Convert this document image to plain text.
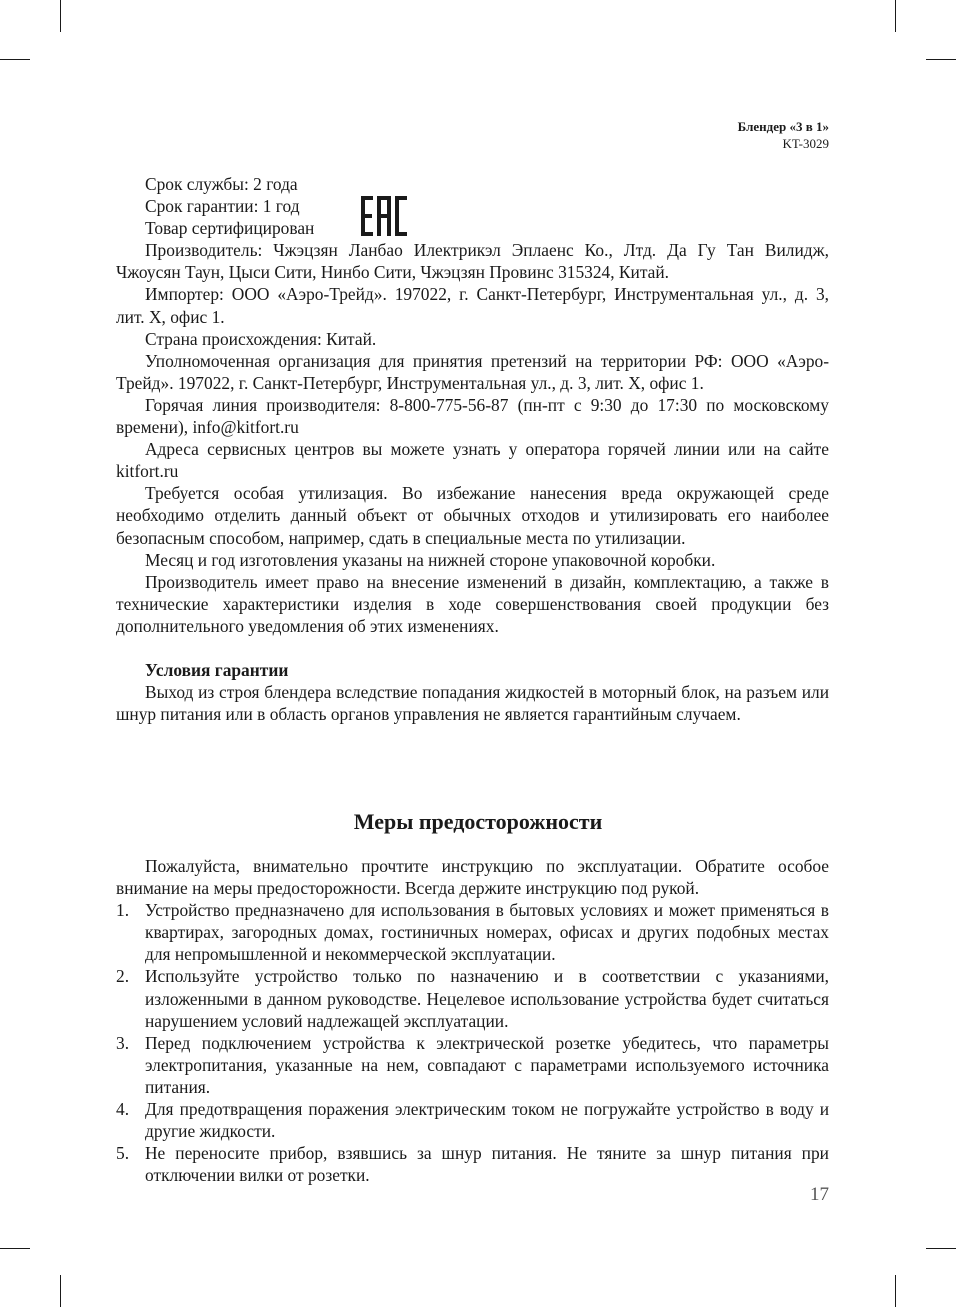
Блендер «3 в 1»
KT-3029

Срок службы: 2 года

Срок гарантии: 1 год

Товар сертифицирован

Производитель: Чжэцзян Ланбао Илектрикэл Эплаенс Ко., Лтд. Да Гу Тан Вилидж, Чжоусян Таун, Цыси Сити, Нинбо Сити, Чжэцзян Провинс 315324, Китай.

Импортер: ООО «Аэро-Трейд». 197022, г. Санкт-Петербург, Инструментальная ул., д. 3, лит. Х, офис 1.

Страна происхождения: Китай.

Уполномоченная организация для принятия претензий на территории РФ: ООО «Аэро-Трейд». 197022, г. Санкт-Петербург, Инструментальная ул., д. 3, лит. Х, офис 1.

Горячая линия производителя: 8-800-775-56-87 (пн-пт с 9:30 до 17:30 по московскому времени), info@kitfort.ru

Адреса сервисных центров вы можете узнать у оператора горячей линии или на сайте kitfort.ru

Требуется особая утилизация. Во избежание нанесения вреда окружающей среде необходимо отделить данный объект от обычных отходов и утилизировать его наиболее безопасным способом, например, сдать в специальные места по утилизации.

Месяц и год изготовления указаны на нижней стороне упаковочной коробки.

Производитель имеет право на внесение изменений в дизайн, комплектацию, а также в технические характеристики изделия в ходе совершенствования своей продукции без дополнительного уведомления об этих изменениях.

Условия гарантии

Выход из строя блендера вследствие попадания жидкостей в моторный блок, на разъем или шнур питания или в область органов управления не является гарантийным случаем.

Меры предосторожности

Пожалуйста, внимательно прочтите инструкцию по эксплуатации. Обратите особое внимание на меры предосторожности. Всегда держите инструкцию под рукой.

1. Устройство предназначено для использования в бытовых условиях и может применяться в квартирах, загородных домах, гостиничных номерах, офисах и других подобных местах для непромышленной и некоммерческой эксплуатации.
2. Используйте устройство только по назначению и в соответствии с указаниями, изложенными в данном руководстве. Нецелевое использование устройства будет считаться нарушением условий надлежащей эксплуатации.
3. Перед подключением устройства к электрической розетке убедитесь, что параметры электропитания, указанные на нем, совпадают с параметрами используемого источника питания.
4. Для предотвращения поражения электрическим током не погружайте устройство в воду и другие жидкости.
5. Не переносите прибор, взявшись за шнур питания. Не тяните за шнур питания при отключении вилки от розетки.
17
